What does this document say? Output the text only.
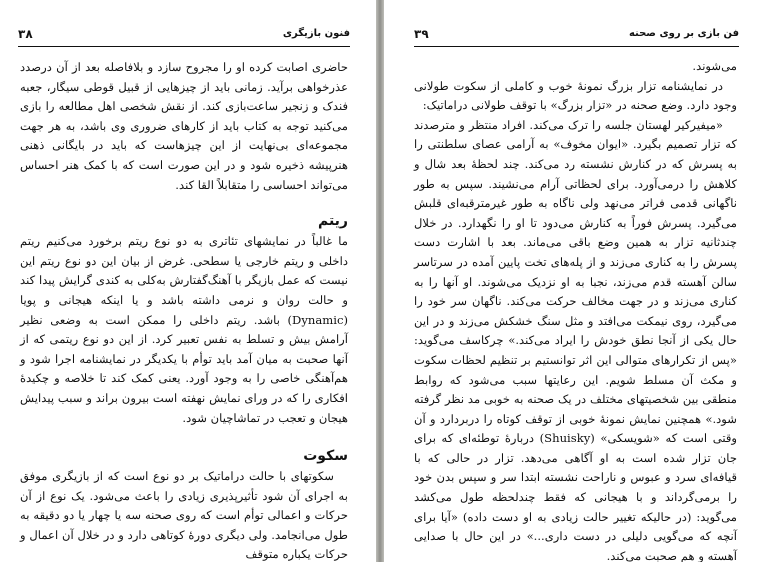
فنون بازیگری
۳۸

حاضری اصابت کرده او را مجروح سازد و بلافاصله بعد از آن درصدد عذرخواهی برآید. زمانی باید از چیزهایی از قبیل قوطی سیگار، جعبه فندک و زنجیر ساعت‌بازی کند. از نقش شخصی اهل مطالعه را بازی می‌کنید توجه به کتاب باید از کارهای ضروری وی باشد، به هر جهت مجموعه‌ای بی‌نهایت از این چیزهاست که باید در بایگانی ذهنی هنرپیشه ذخیره شود و در این صورت است که با کمک هنر احساس می‌تواند احساسی را متقابلاً القا کند.

ریتم

ما غالباً در نمایشهای تئاتری به دو نوع ریتم برخورد می‌کنیم ریتم داخلی و ریتم خارجی یا سطحی. غرض از بیان این دو نوع ریتم این نیست که عمل بازیگر با آهنگ‌گفتارش به‌کلی به کندی گرایش پیدا کند و حالت روان و نرمی داشته باشد و یا اینکه هیجانی و پویا (Dynamic) باشد. ریتم داخلی را ممکن است به وضعی نظیر آرامش بیش و تسلط به نفس تعبیر کرد. از این دو نوع ریتمی که از آنها صحبت به میان آمد باید توأم با یکدیگر در نمایشنامه اجرا شود و هم‌آهنگی خاصی را به وجود آورد. یعنی کمک کند تا خلاصه و چکیدهٔ افکاری را که در ورای نمایش نهفته است بیرون براند و سبب پیدایش هیجان و تعجب در تماشاچیان شود.

سکوت

سکوتهای با حالت دراماتیک بر دو نوع است که از بازیگری موفق به اجرای آن شود تأثیرپذیری زیادی را باعث می‌شود. یک نوع از آن حرکات و اعمالی توأم است که روی صحنه سه یا چهار یا دو دقیقه به طول می‌انجامد. ولی دیگری دورهٔ کوتاهی دارد و در خلال آن اعمال و حرکات یکباره متوقف

فن بازی بر روی صحنه
۳۹

می‌شوند.

در نمایشنامه تزار بزرگ نمونهٔ خوب و کاملی از سکوت طولانی وجود دارد. وضع صحنه در «تزار بزرگ» با توقف طولانی دراماتیک:

«میفیرکیر لهستان جلسه را ترک می‌کند. افراد منتظر و مترصدند که تزار تصمیم بگیرد. «ایوان مخوف» به آرامی عصای سلطنتی را به پسرش که در کنارش نشسته رد می‌کند. چند لحظهٔ بعد شال و کلاهش را درمی‌آورد. برای لحظاتی آرام می‌نشیند. سپس به طور ناگهانی قدمی فراتر می‌نهد ولی ناگاه به طور غیرمترقبه‌ای قلبش می‌گیرد. پسرش فوراً به کنارش می‌دود تا او را نگهدارد. در خلال چندثانیه تزار به همین وضع باقی می‌ماند. بعد با اشارت دست پسرش را به کناری می‌زند و از پله‌های تخت پایین آمده در سرتاسر سالن آهسته قدم می‌زند، نجبا به او نزدیک می‌شوند. او آنها را به کناری می‌زند و در جهت مخالف حرکت می‌کند. ناگهان سر خود را می‌گیرد، روی نیمکت می‌افتد و مثل سنگ خشکش می‌زند و در این حال یکی از آنجا نطق خودش را ایراد می‌کند.» چرکاسف می‌گوید: «پس از تکرارهای متوالی این اثر توانستیم بر تنظیم لحظات سکوت و مکث آن مسلط شویم. این رعایتها سبب می‌شود که روابط منطقی بین شخصیتهای مختلف در یک صحنه به خوبی مد نظر گرفته شود.» همچنین نمایش نمونهٔ خوبی از توقف کوتاه را دربردارد و آن وقتی است که «شویسکی» (Shuisky) دربارهٔ توطئه‌ای که برای جان تزار شده است به او آگاهی می‌دهد. تزار در حالی که با قیافه‌ای سرد و عبوس و ناراحت نشسته ابتدا سر و سپس بدن خود را برمی‌گرداند و با هیجانی که فقط چندلحظه طول می‌کشد می‌گوید: (در حالیکه تغییر حالت زیادی به او دست داده) «آیا برای آنچه که می‌گویی دلیلی در دست داری...» در این حال با صدایی آهسته و هم صحبت می‌کند.
